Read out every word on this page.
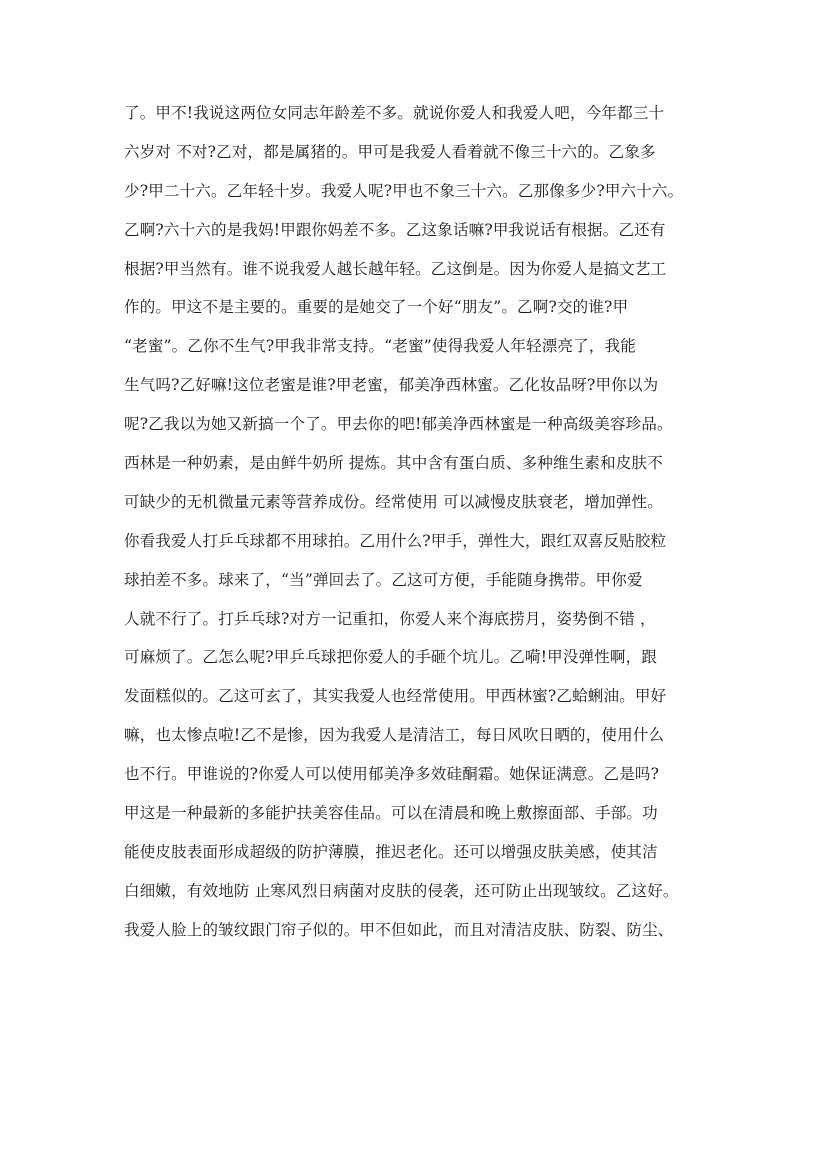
了。甲不!我说这两位女同志年龄差不多。就说你爱人和我爱人吧，今年都三十
六岁对 不对?乙对，都是属猪的。甲可是我爱人看着就不像三十六的。乙象多
少?甲二十六。乙年轻十岁。我爱人呢?甲也不象三十六。乙那像多少?甲六十六。
乙啊?六十六的是我妈!甲跟你妈差不多。乙这象话嘛?甲我说话有根据。乙还有
根据?甲当然有。谁不说我爱人越长越年轻。乙这倒是。因为你爱人是搞文艺工
作的。甲这不是主要的。重要的是她交了一个好“朋友”。乙啊?交的谁?甲
“老蜜”。乙你不生气?甲我非常支持。“老蜜”使得我爱人年轻漂亮了，我能
生气吗?乙好嘛!这位老蜜是谁?甲老蜜，郁美净西林蜜。乙化妆品呀?甲你以为
呢?乙我以为她又新搞一个了。甲去你的吧!郁美净西林蜜是一种高级美容珍品。
西林是一种奶素，是由鲜牛奶所 提炼。其中含有蛋白质、多种维生素和皮肤不
可缺少的无机微量元素等营养成份。经常使用 可以减慢皮肤衰老，增加弹性。
你看我爱人打乒乓球都不用球拍。乙用什么?甲手，弹性大，跟红双喜反贴胶粒
球拍差不多。球来了，“当”弹回去了。乙这可方便，手能随身携带。甲你爱
人就不行了。打乒乓球?对方一记重扣，你爱人来个海底捞月，姿势倒不错 ，
可麻烦了。乙怎么呢?甲乒乓球把你爱人的手砸个坑儿。乙嗬!甲没弹性啊，跟
发面糕似的。乙这可玄了，其实我爱人也经常使用。甲西林蜜?乙蛤蜊油。甲好
嘛，也太惨点啦!乙不是惨，因为我爱人是清洁工，每日风吹日晒的，使用什么
也不行。甲谁说的?你爱人可以使用郁美净多效硅酮霜。她保证满意。乙是吗?
甲这是一种最新的多能护扶美容佳品。可以在清晨和晚上敷擦面部、手部。功
能使皮肢表面形成超级的防护薄膜，推迟老化。还可以增强皮肤美感，使其洁
白细嫩，有效地防 止寒风烈日病菌对皮肤的侵袭，还可防止出现皱纹。乙这好。
我爱人脸上的皱纹跟门帘子似的。甲不但如此，而且对清洁皮肤、防裂、防尘、
